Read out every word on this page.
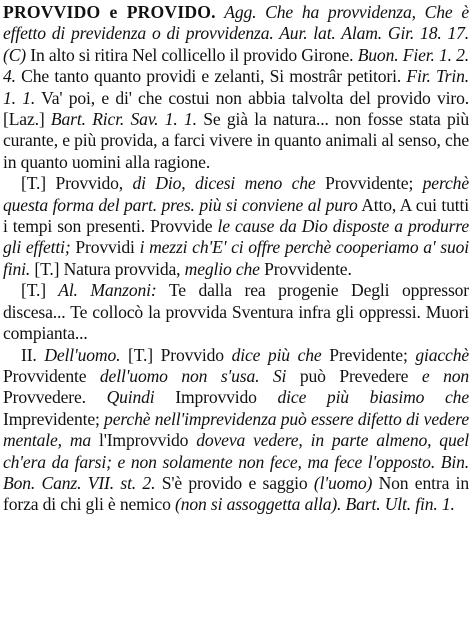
PROVVIDO e PROVIDO. Agg. Che ha provvidenza, Che è effetto di previdenza o di provvidenza. Aur. lat. Alam. Gir. 18. 17. (C) In alto si ritira Nel collicello il provido Girone. Buon. Fier. 1. 2. 4. Che tanto quanto providi e zelanti, Si mostrâr petitori. Fir. Trin. 1. 1. Va' poi, e di' che costui non abbia talvolta del provido viro. [Laz.] Bart. Ricr. Sav. 1. 1. Se già la natura... non fosse stata più curante, e più provida, a farci vivere in quanto animali al senso, che in quanto uomini alla ragione.

[T.] Provvido, di Dio, dicesi meno che Provvidente; perchè questa forma del part. pres. più si conviene al puro Atto, A cui tutti i tempi son presenti. Provvide le cause da Dio disposte a produrre gli effetti; Provvidi i mezzi ch'E' ci offre perchè cooperiamo a' suoi fini. [T.] Natura provvida, meglio che Provvidente.

[T.] Al. Manzoni: Te dalla rea progenie Degli oppressor discesa... Te collocò la provvida Sventura infra gli oppressi. Muori compianta...

II. Dell'uomo. [T.] Provvido dice più che Previdente; giacchè Provvidente dell'uomo non s'usa. Si può Prevedere e non Provvedere. Quindi Improvvido dice più biasimo che Imprevidente; perchè nell'imprevidenza può essere difetto di vedere mentale, ma l'Improvvido doveva vedere, in parte almeno, quel ch'era da farsi; e non solamente non fece, ma fece l'opposto. Bin. Bon. Canz. VII. st. 2. S'è provido e saggio (l'uomo) Non entra in forza di chi gli è nemico (non si assoggetta alla). Bart. Ult. fin. 1.
